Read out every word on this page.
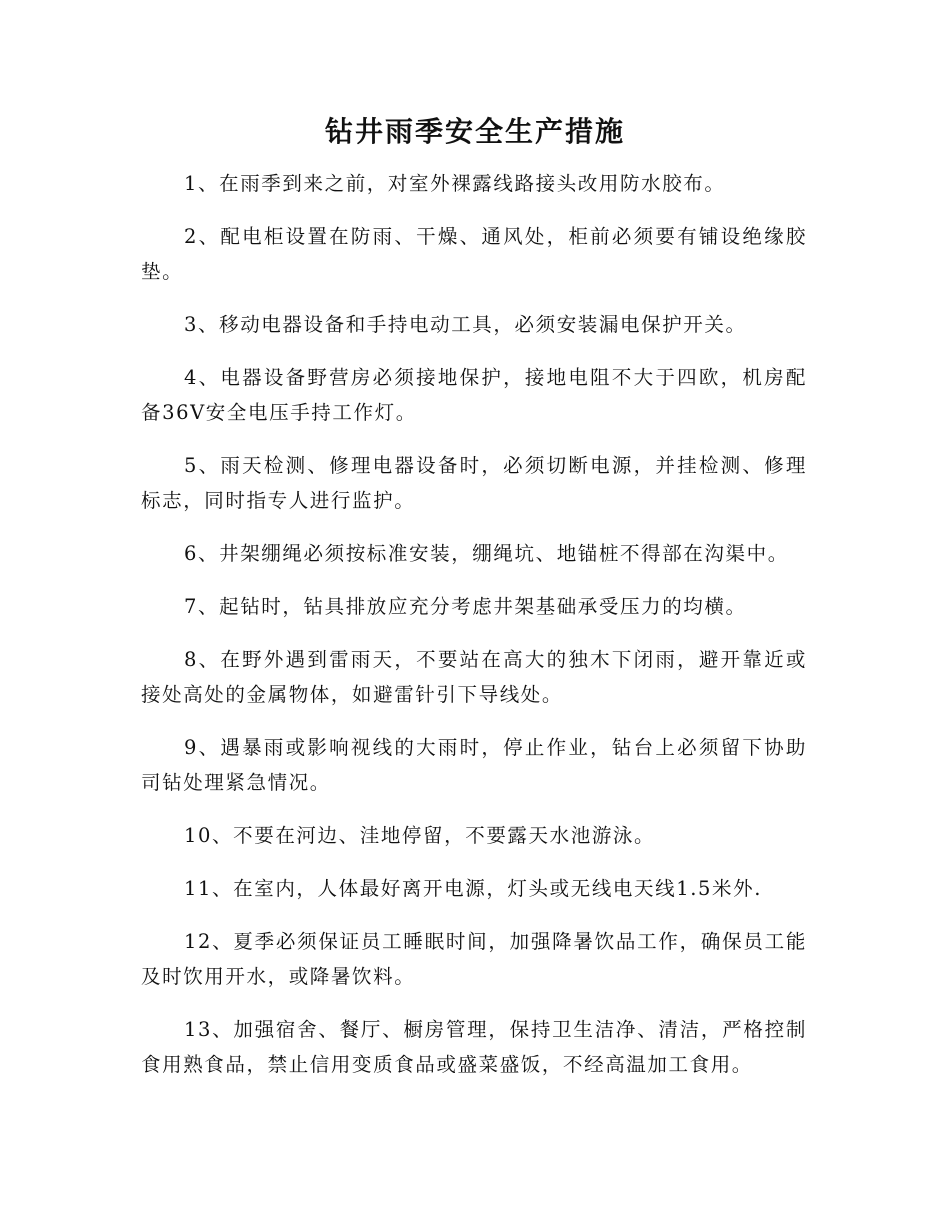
钻井雨季安全生产措施

1、在雨季到来之前，对室外裸露线路接头改用防水胶布。

2、配电柜设置在防雨、干燥、通风处，柜前必须要有铺设绝缘胶垫。

3、移动电器设备和手持电动工具，必须安装漏电保护开关。

4、电器设备野营房必须接地保护，接地电阻不大于四欧，机房配备36V安全电压手持工作灯。

5、雨天检测、修理电器设备时，必须切断电源，并挂检测、修理标志，同时指专人进行监护。

6、井架绷绳必须按标准安装，绷绳坑、地锚桩不得部在沟渠中。

7、起钻时，钻具排放应充分考虑井架基础承受压力的均横。

8、在野外遇到雷雨天，不要站在高大的独木下闭雨，避开靠近或接处高处的金属物体，如避雷针引下导线处。

9、遇暴雨或影响视线的大雨时，停止作业，钻台上必须留下协助司钻处理紧急情况。

10、不要在河边、洼地停留，不要露天水池游泳。

11、在室内，人体最好离开电源，灯头或无线电天线1.5米外.

12、夏季必须保证员工睡眠时间，加强降暑饮品工作，确保员工能及时饮用开水，或降暑饮料。

13、加强宿舍、餐厅、橱房管理，保持卫生洁净、清洁，严格控制食用熟食品，禁止信用变质食品或盛菜盛饭，不经高温加工食用。
